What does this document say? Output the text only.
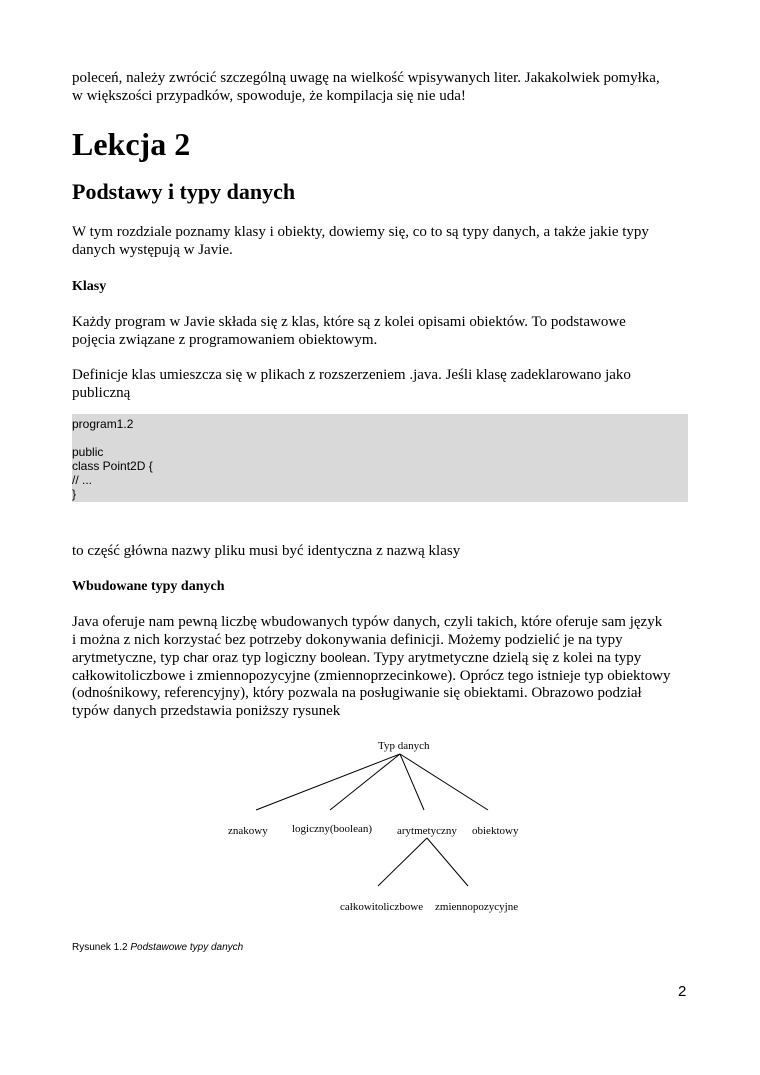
poleceń, należy zwrócić szczególną uwagę na wielkość wpisywanych liter. Jakakolwiek pomyłka,
w większości przypadków, spowoduje, że kompilacja się nie uda!

Lekcja 2
Podstawy i typy danych

W tym rozdziale poznamy klasy i obiekty, dowiemy się, co to są typy danych, a także jakie typy
danych występują w Javie.

Klasy

Każdy program w Javie składa się z klas, które są z kolei opisami obiektów. To podstawowe
pojęcia związane z programowaniem obiektowym.

Definicje klas umieszcza się w plikach z rozszerzeniem .java. Jeśli klasę zadeklarowano jako
publiczną

program1.2
public
class Point2D {
// ...
}

to część główna nazwy pliku musi być identyczna z nazwą klasy

Wbudowane typy danych

Java oferuje nam pewną liczbę wbudowanych typów danych, czyli takich, które oferuje sam język
i można z nich korzystać bez potrzeby dokonywania definicji. Możemy podzielić je na typy
arytmetyczne, typ char oraz typ logiczny boolean. Typy arytmetyczne dzielą się z kolei na typy
całkowitoliczbowe i zmiennopozycyjne (zmiennoprzecinkowe). Oprócz tego istnieje typ obiektowy
(odnośnikowy, referencyjny), który pozwala na posługiwanie się obiektami. Obrazowo podział
typów danych przedstawia poniższy rysunek

Typ danych
znakowy logiczny(boolean) arytmetyczny obiektowy
całkowitoliczbowe zmiennopozycyjne
Rysunek 1.2 Podstawowe typy danych
2
